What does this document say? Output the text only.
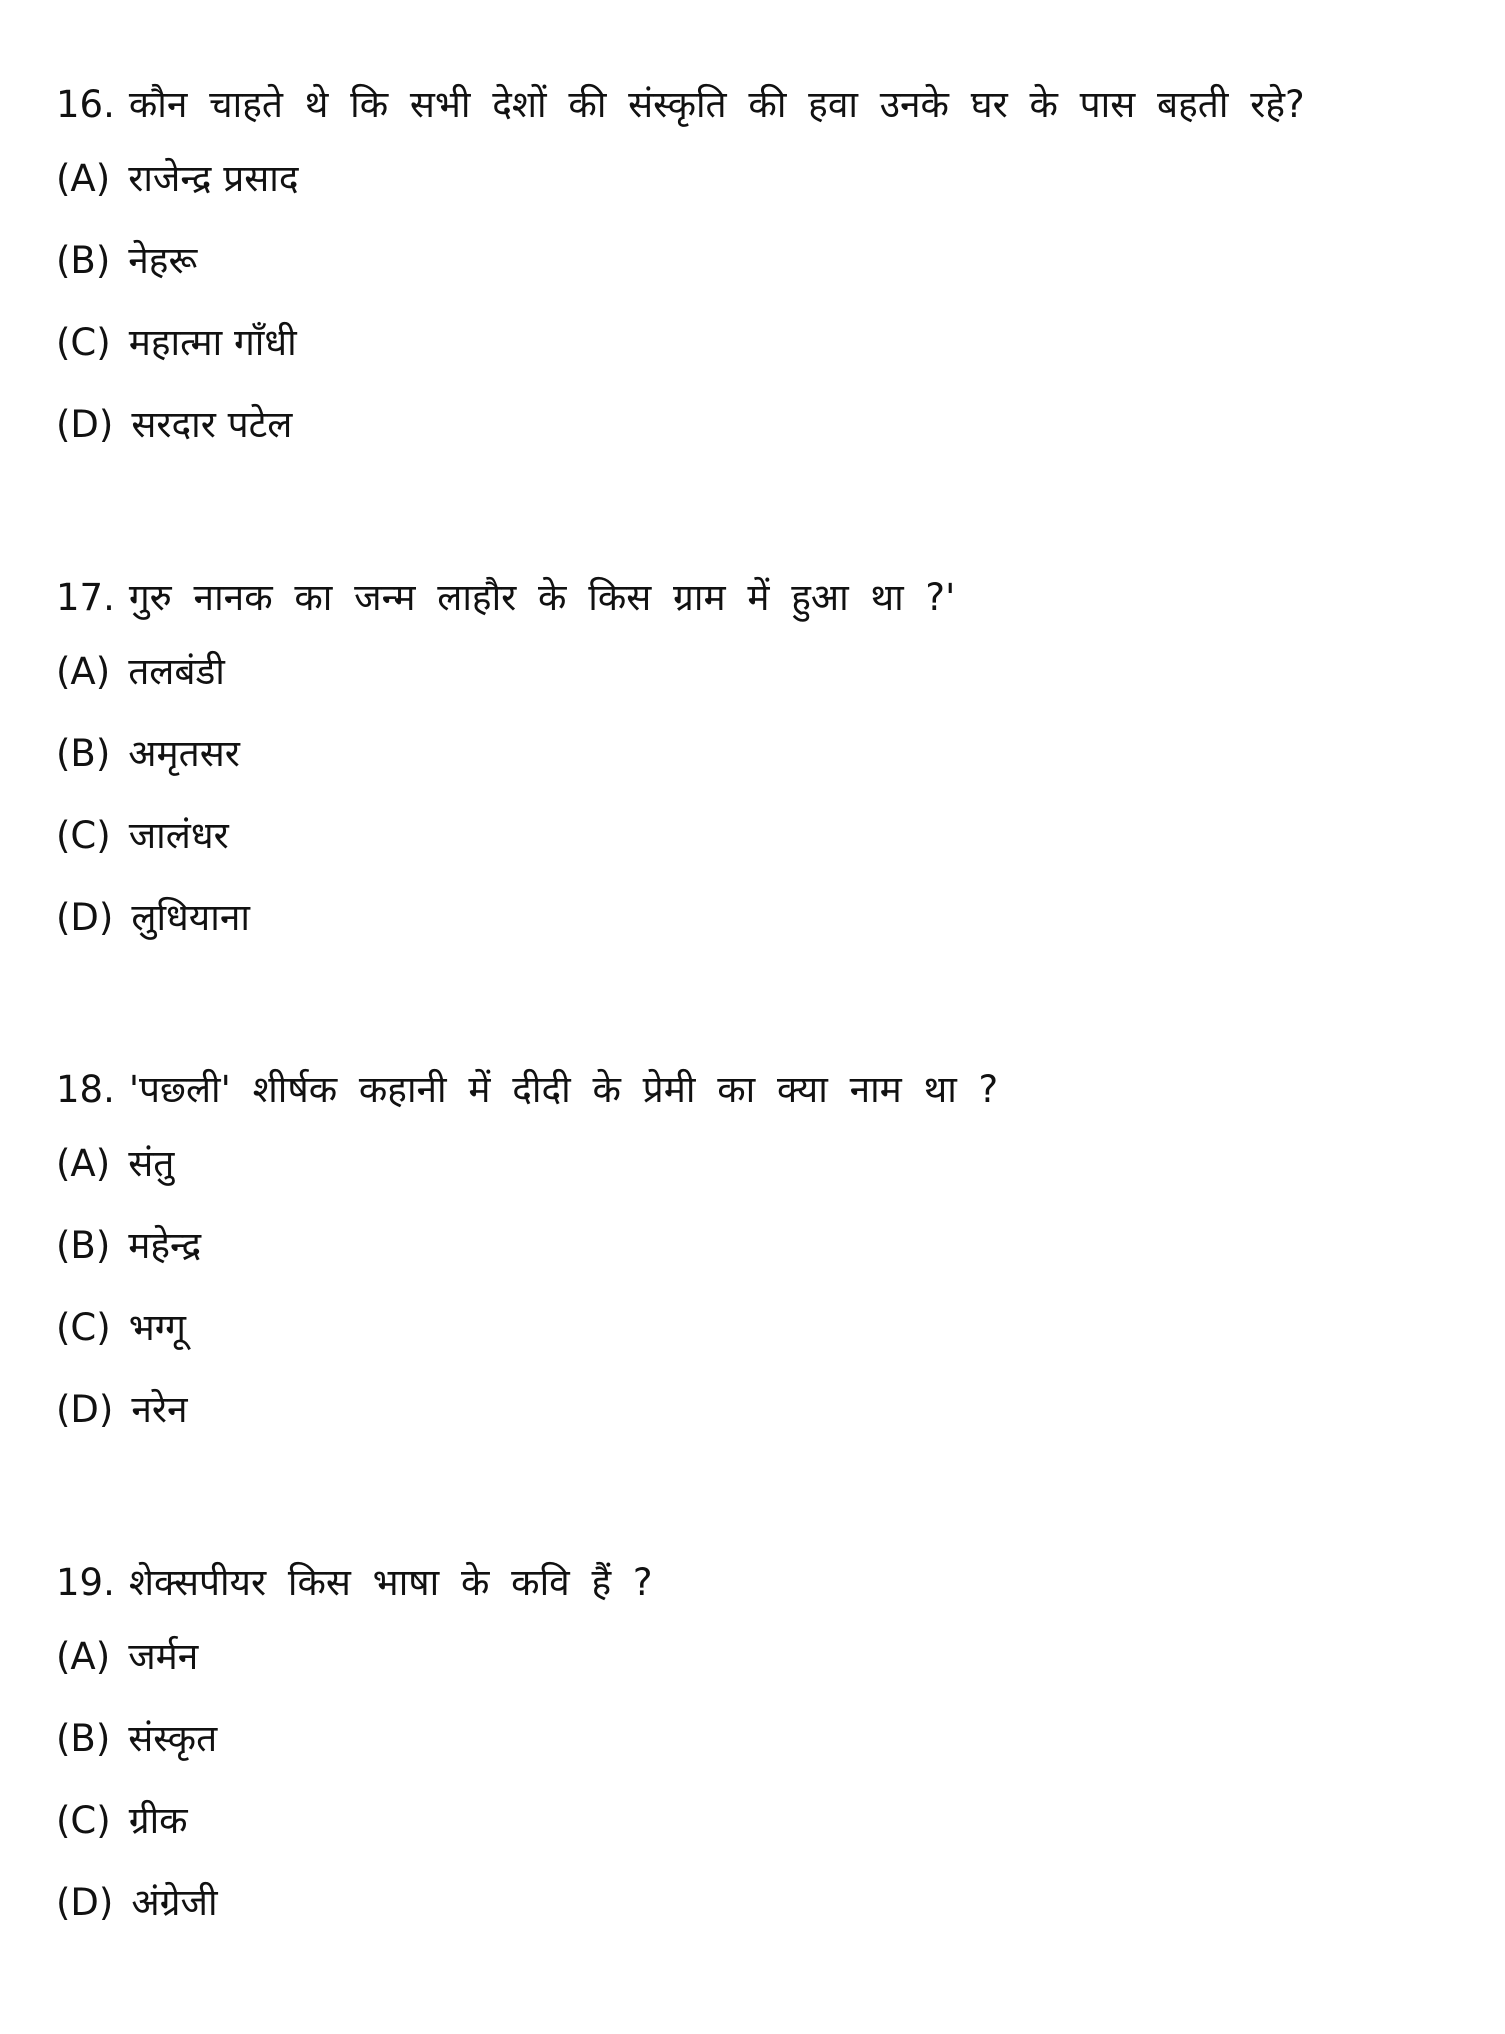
16. कौन चाहते थे कि सभी देशों की संस्कृति की हवा उनके घर के पास बहती रहे?
(A) राजेन्द्र प्रसाद
(B) नेहरू
(C) महात्मा गाँधी
(D) सरदार पटेल
17. गुरु नानक का जन्म लाहौर के किस ग्राम में हुआ था ?'
(A) तलबंडी
(B) अमृतसर
(C) जालंधर
(D) लुधियाना
18. 'पछ्ली' शीर्षक कहानी में दीदी के प्रेमी का क्या नाम था ?
(A) संतु
(B) महेन्द्र
(C) भग्गू
(D) नरेन
19. शेक्सपीयर किस भाषा के कवि हैं ?
(A) जर्मन
(B) संस्कृत
(C) ग्रीक
(D) अंग्रेजी
